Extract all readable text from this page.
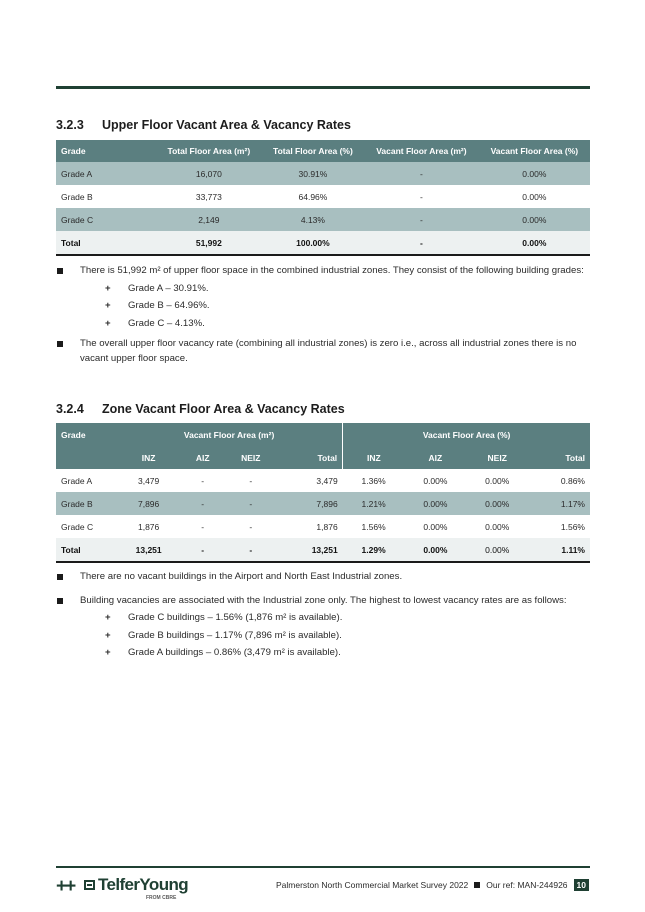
3.2.3 Upper Floor Vacant Area & Vacancy Rates
Grade	Total Floor Area (m²)	Total Floor Area (%)	Vacant Floor Area (m²)	Vacant Floor Area (%)
Grade A	16,070	30.91%	-	0.00%
Grade B	33,773	64.96%	-	0.00%
Grade C	2,149	4.13%	-	0.00%
Total	51,992	100.00%	-	0.00%
There is 51,992 m² of upper floor space in the combined industrial zones. They consist of the following building grades:
+ Grade A – 30.91%.
+ Grade B – 64.96%.
+ Grade C – 4.13%.
The overall upper floor vacancy rate (combining all industrial zones) is zero i.e., across all industrial zones there is no vacant upper floor space.
3.2.4 Zone Vacant Floor Area & Vacancy Rates
Grade	Vacant Floor Area (m²)				Vacant Floor Area (%)			
	INZ	AIZ	NEIZ	Total	INZ	AIZ	NEIZ	Total
Grade A	3,479	-	-	3,479	1.36%	0.00%	0.00%	0.86%
Grade B	7,896	-	-	7,896	1.21%	0.00%	0.00%	1.17%
Grade C	1,876	-	-	1,876	1.56%	0.00%	0.00%	1.56%
Total	13,251	-	-	13,251	1.29%	0.00%	0.00%	1.11%
There are no vacant buildings in the Airport and North East Industrial zones.
Building vacancies are associated with the Industrial zone only. The highest to lowest vacancy rates are as follows:
+ Grade C buildings – 1.56% (1,876 m² is available).
+ Grade B buildings – 1.17% (7,896 m² is available).
+ Grade A buildings – 0.86% (3,479 m² is available).
++ TelferYoung
FROM CBRE
Palmerston North Commercial Market Survey 2022 Our ref: MAN-244926	10
